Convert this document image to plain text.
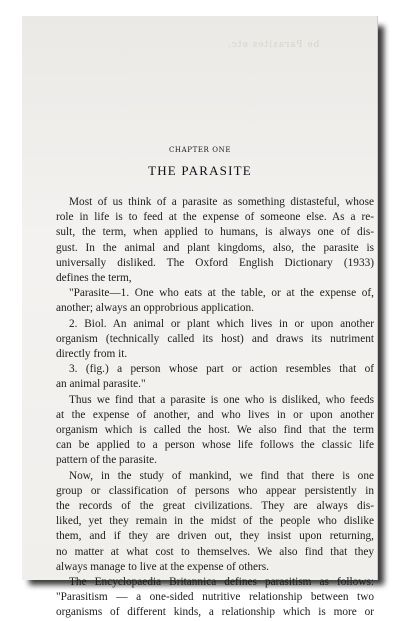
be Parasites etc.
CHAPTER ONE
THE PARASITE
Most of us think of a parasite as something distasteful, whose
role in life is to feed at the expense of someone else. As a re-
sult, the term, when applied to humans, is always one of dis-
gust. In the animal and plant kingdoms, also, the parasite is
universally disliked. The Oxford English Dictionary (1933)
defines the term,
"Parasite—1. One who eats at the table, or at the expense of,
another; always an opprobrious application.
2. Biol. An animal or plant which lives in or upon another
organism (technically called its host) and draws its nutriment
directly from it.
3. (fig.) a person whose part or action resembles that of
an animal parasite."
Thus we find that a parasite is one who is disliked, who feeds
at the expense of another, and who lives in or upon another
organism which is called the host. We also find that the term
can be applied to a person whose life follows the classic life
pattern of the parasite.
Now, in the study of mankind, we find that there is one
group or classification of persons who appear persistently in
the records of the great civilizations. They are always dis-
liked, yet they remain in the midst of the people who dislike
them, and if they are driven out, they insist upon returning,
no matter at what cost to themselves. We also find that they
always manage to live at the expense of others.
The Encyclopaedia Britannica defines parasitism as follows:
"Parasitism — a one-sided nutritive relationship between two
organisms of different kinds, a relationship which is more or
